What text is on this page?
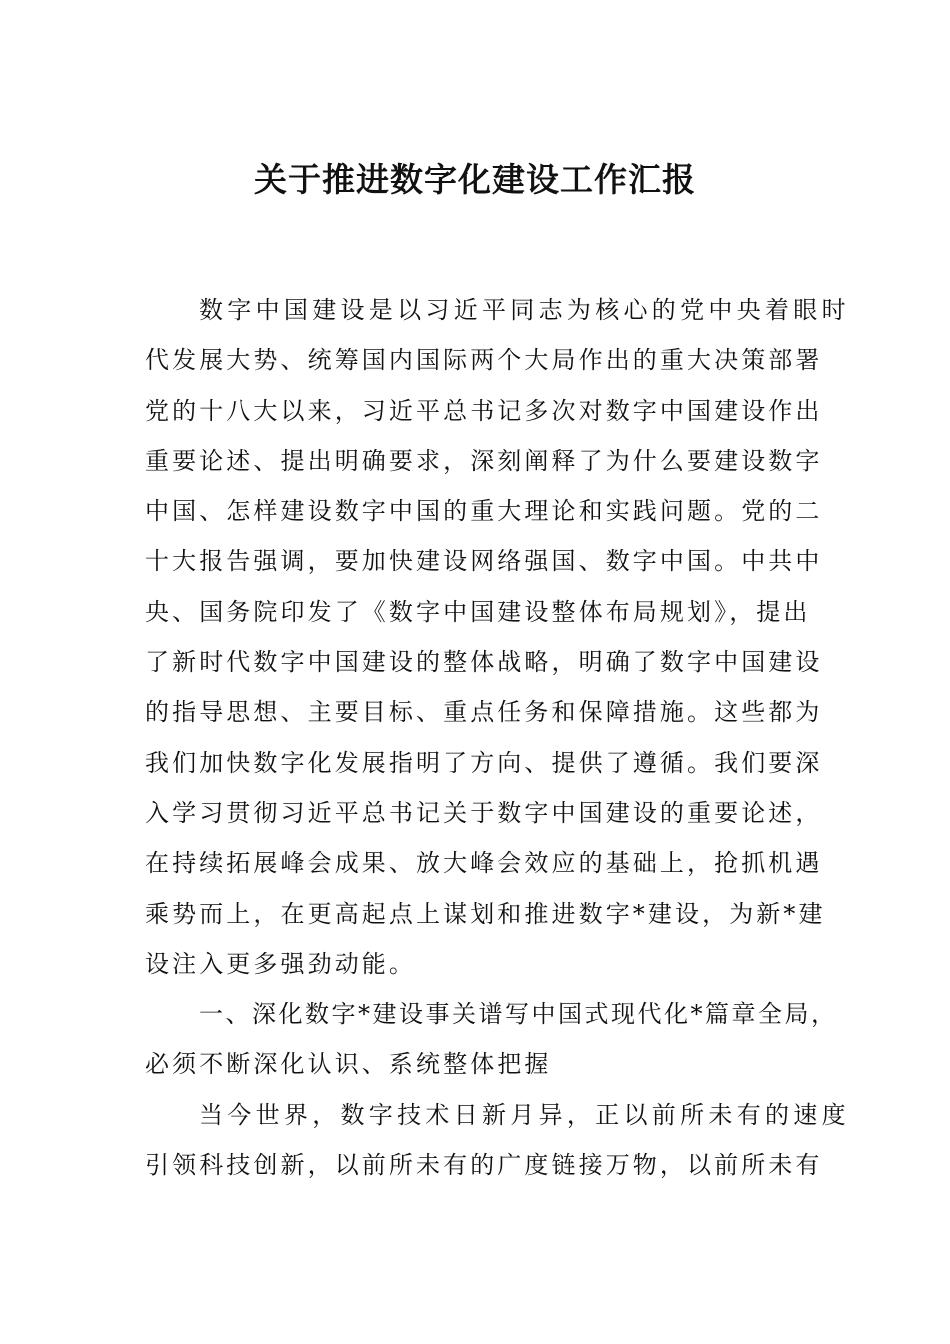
关于推进数字化建设工作汇报
数字中国建设是以习近平同志为核心的党中央着眼时
代发展大势、统筹国内国际两个大局作出的重大决策部署
党的十八大以来，习近平总书记多次对数字中国建设作出
重要论述、提出明确要求，深刻阐释了为什么要建设数字
中国、怎样建设数字中国的重大理论和实践问题。党的二
十大报告强调，要加快建设网络强国、数字中国。中共中
央、国务院印发了《数字中国建设整体布局规划》，提出
了新时代数字中国建设的整体战略，明确了数字中国建设
的指导思想、主要目标、重点任务和保障措施。这些都为
我们加快数字化发展指明了方向、提供了遵循。我们要深
入学习贯彻习近平总书记关于数字中国建设的重要论述，
在持续拓展峰会成果、放大峰会效应的基础上，抢抓机遇
乘势而上，在更高起点上谋划和推进数字*建设，为新*建
设注入更多强劲动能。
一、深化数字*建设事关谱写中国式现代化*篇章全局，
必须不断深化认识、系统整体把握
当今世界，数字技术日新月异，正以前所未有的速度
引领科技创新，以前所未有的广度链接万物，以前所未有
